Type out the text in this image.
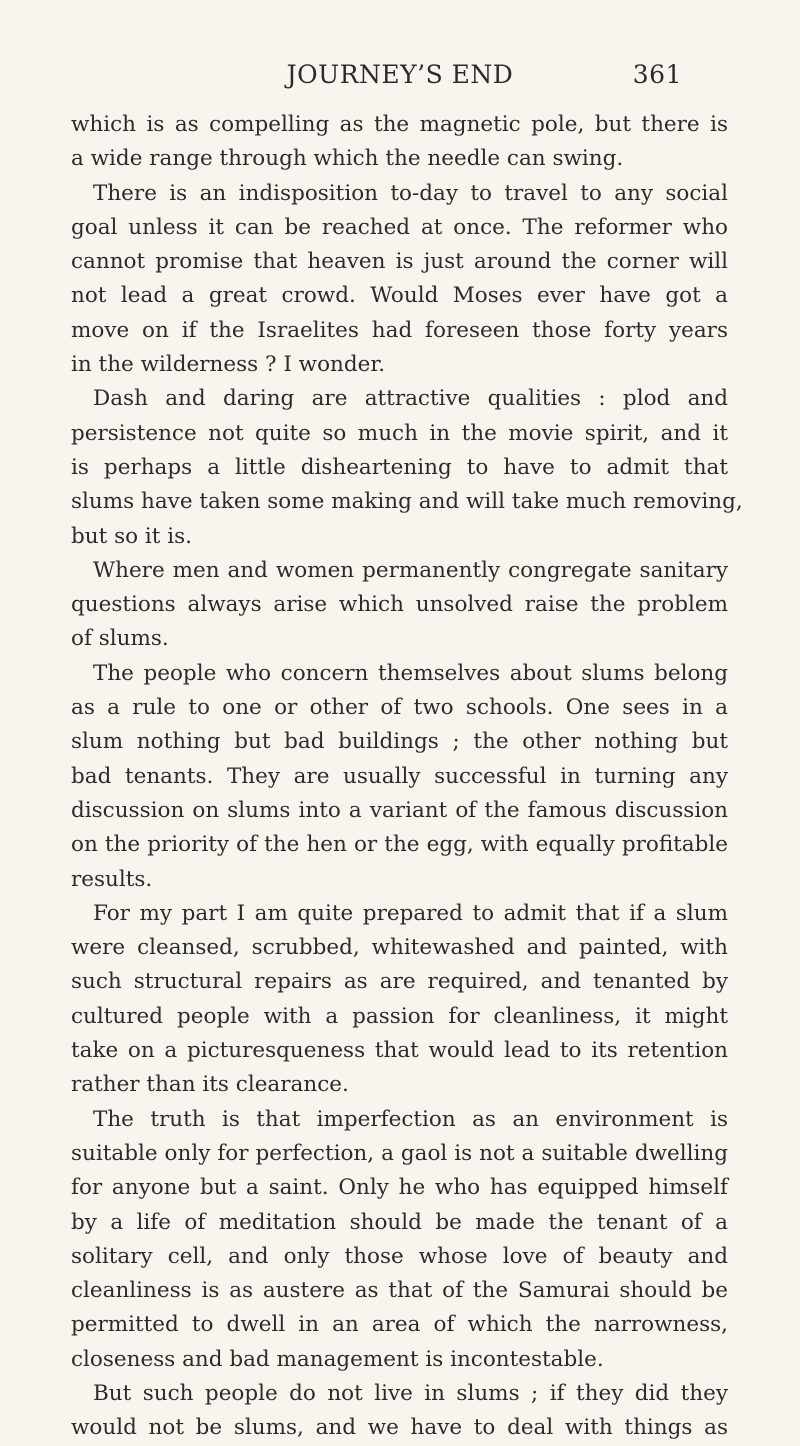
JOURNEY’S END	361
which is as compelling as the magnetic pole, but there is
a wide range through which the needle can swing.
There is an indisposition to-day to travel to any social
goal unless it can be reached at once. The reformer who
cannot promise that heaven is just around the corner will
not lead a great crowd. Would Moses ever have got a
move on if the Israelites had foreseen those forty years
in the wilderness ? I wonder.
Dash and daring are attractive qualities : plod and
persistence not quite so much in the movie spirit, and it
is perhaps a little disheartening to have to admit that
slums have taken some making and will take much removing,
but so it is.
Where men and women permanently congregate sanitary
questions always arise which unsolved raise the problem
of slums.
The people who concern themselves about slums belong
as a rule to one or other of two schools. One sees in a
slum nothing but bad buildings ; the other nothing but
bad tenants. They are usually successful in turning any
discussion on slums into a variant of the famous discussion
on the priority of the hen or the egg, with equally profitable
results.
For my part I am quite prepared to admit that if a slum
were cleansed, scrubbed, whitewashed and painted, with
such structural repairs as are required, and tenanted by
cultured people with a passion for cleanliness, it might
take on a picturesqueness that would lead to its retention
rather than its clearance.
The truth is that imperfection as an environment is
suitable only for perfection, a gaol is not a suitable dwelling
for anyone but a saint. Only he who has equipped himself
by a life of meditation should be made the tenant of a
solitary cell, and only those whose love of beauty and
cleanliness is as austere as that of the Samurai should be
permitted to dwell in an area of which the narrowness,
closeness and bad management is incontestable.
But such people do not live in slums ; if they did they
would not be slums, and we have to deal with things as
